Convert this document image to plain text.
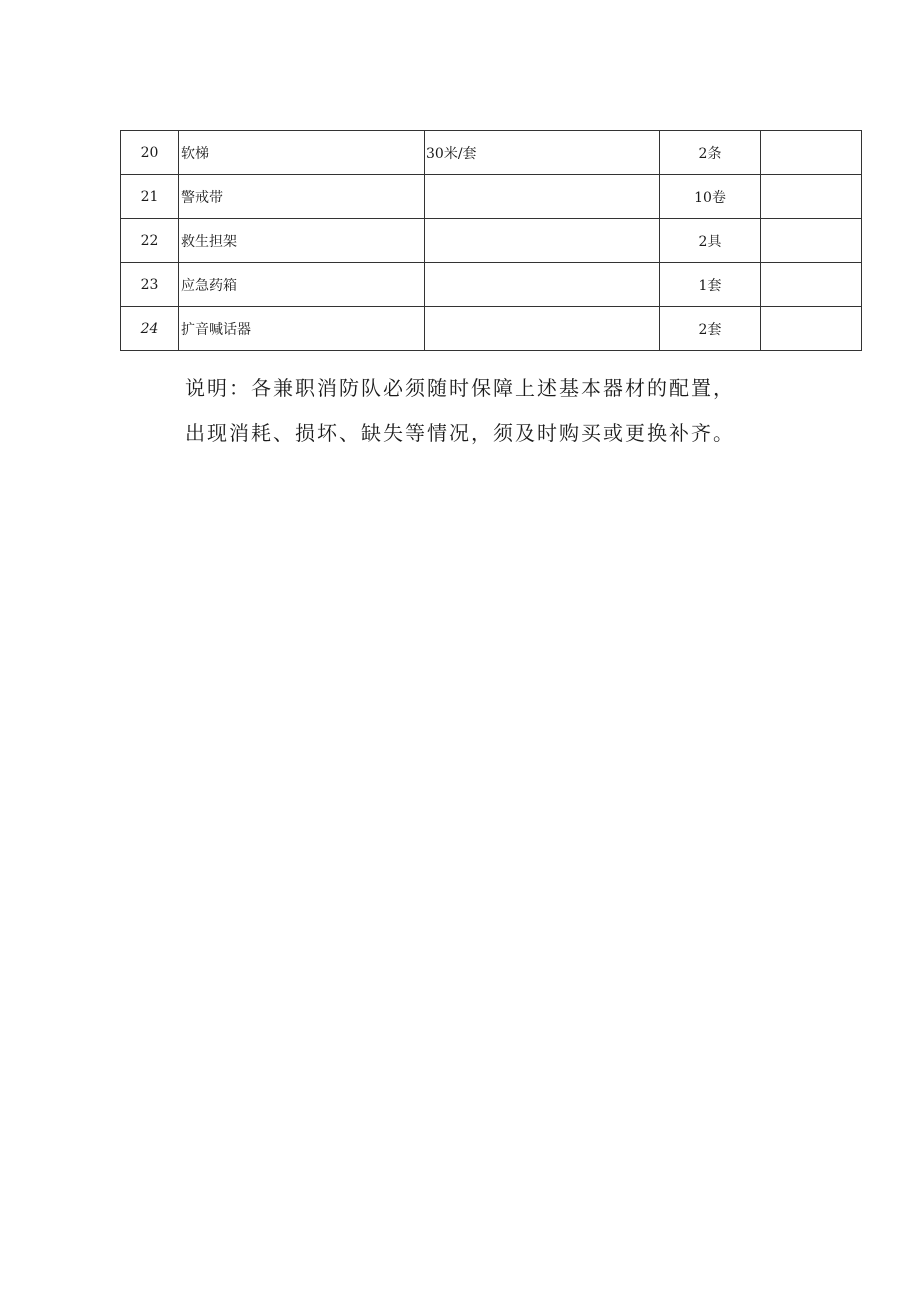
20	软梯	30米/套	2条	
21	警戒带		10卷	
22	救生担架		2具	
23	应急药箱		1套	
24	扩音喊话器		2套	
说明：各兼职消防队必须随时保障上述基本器材的配置，
出现消耗、损坏、缺失等情况，须及时购买或更换补齐。
